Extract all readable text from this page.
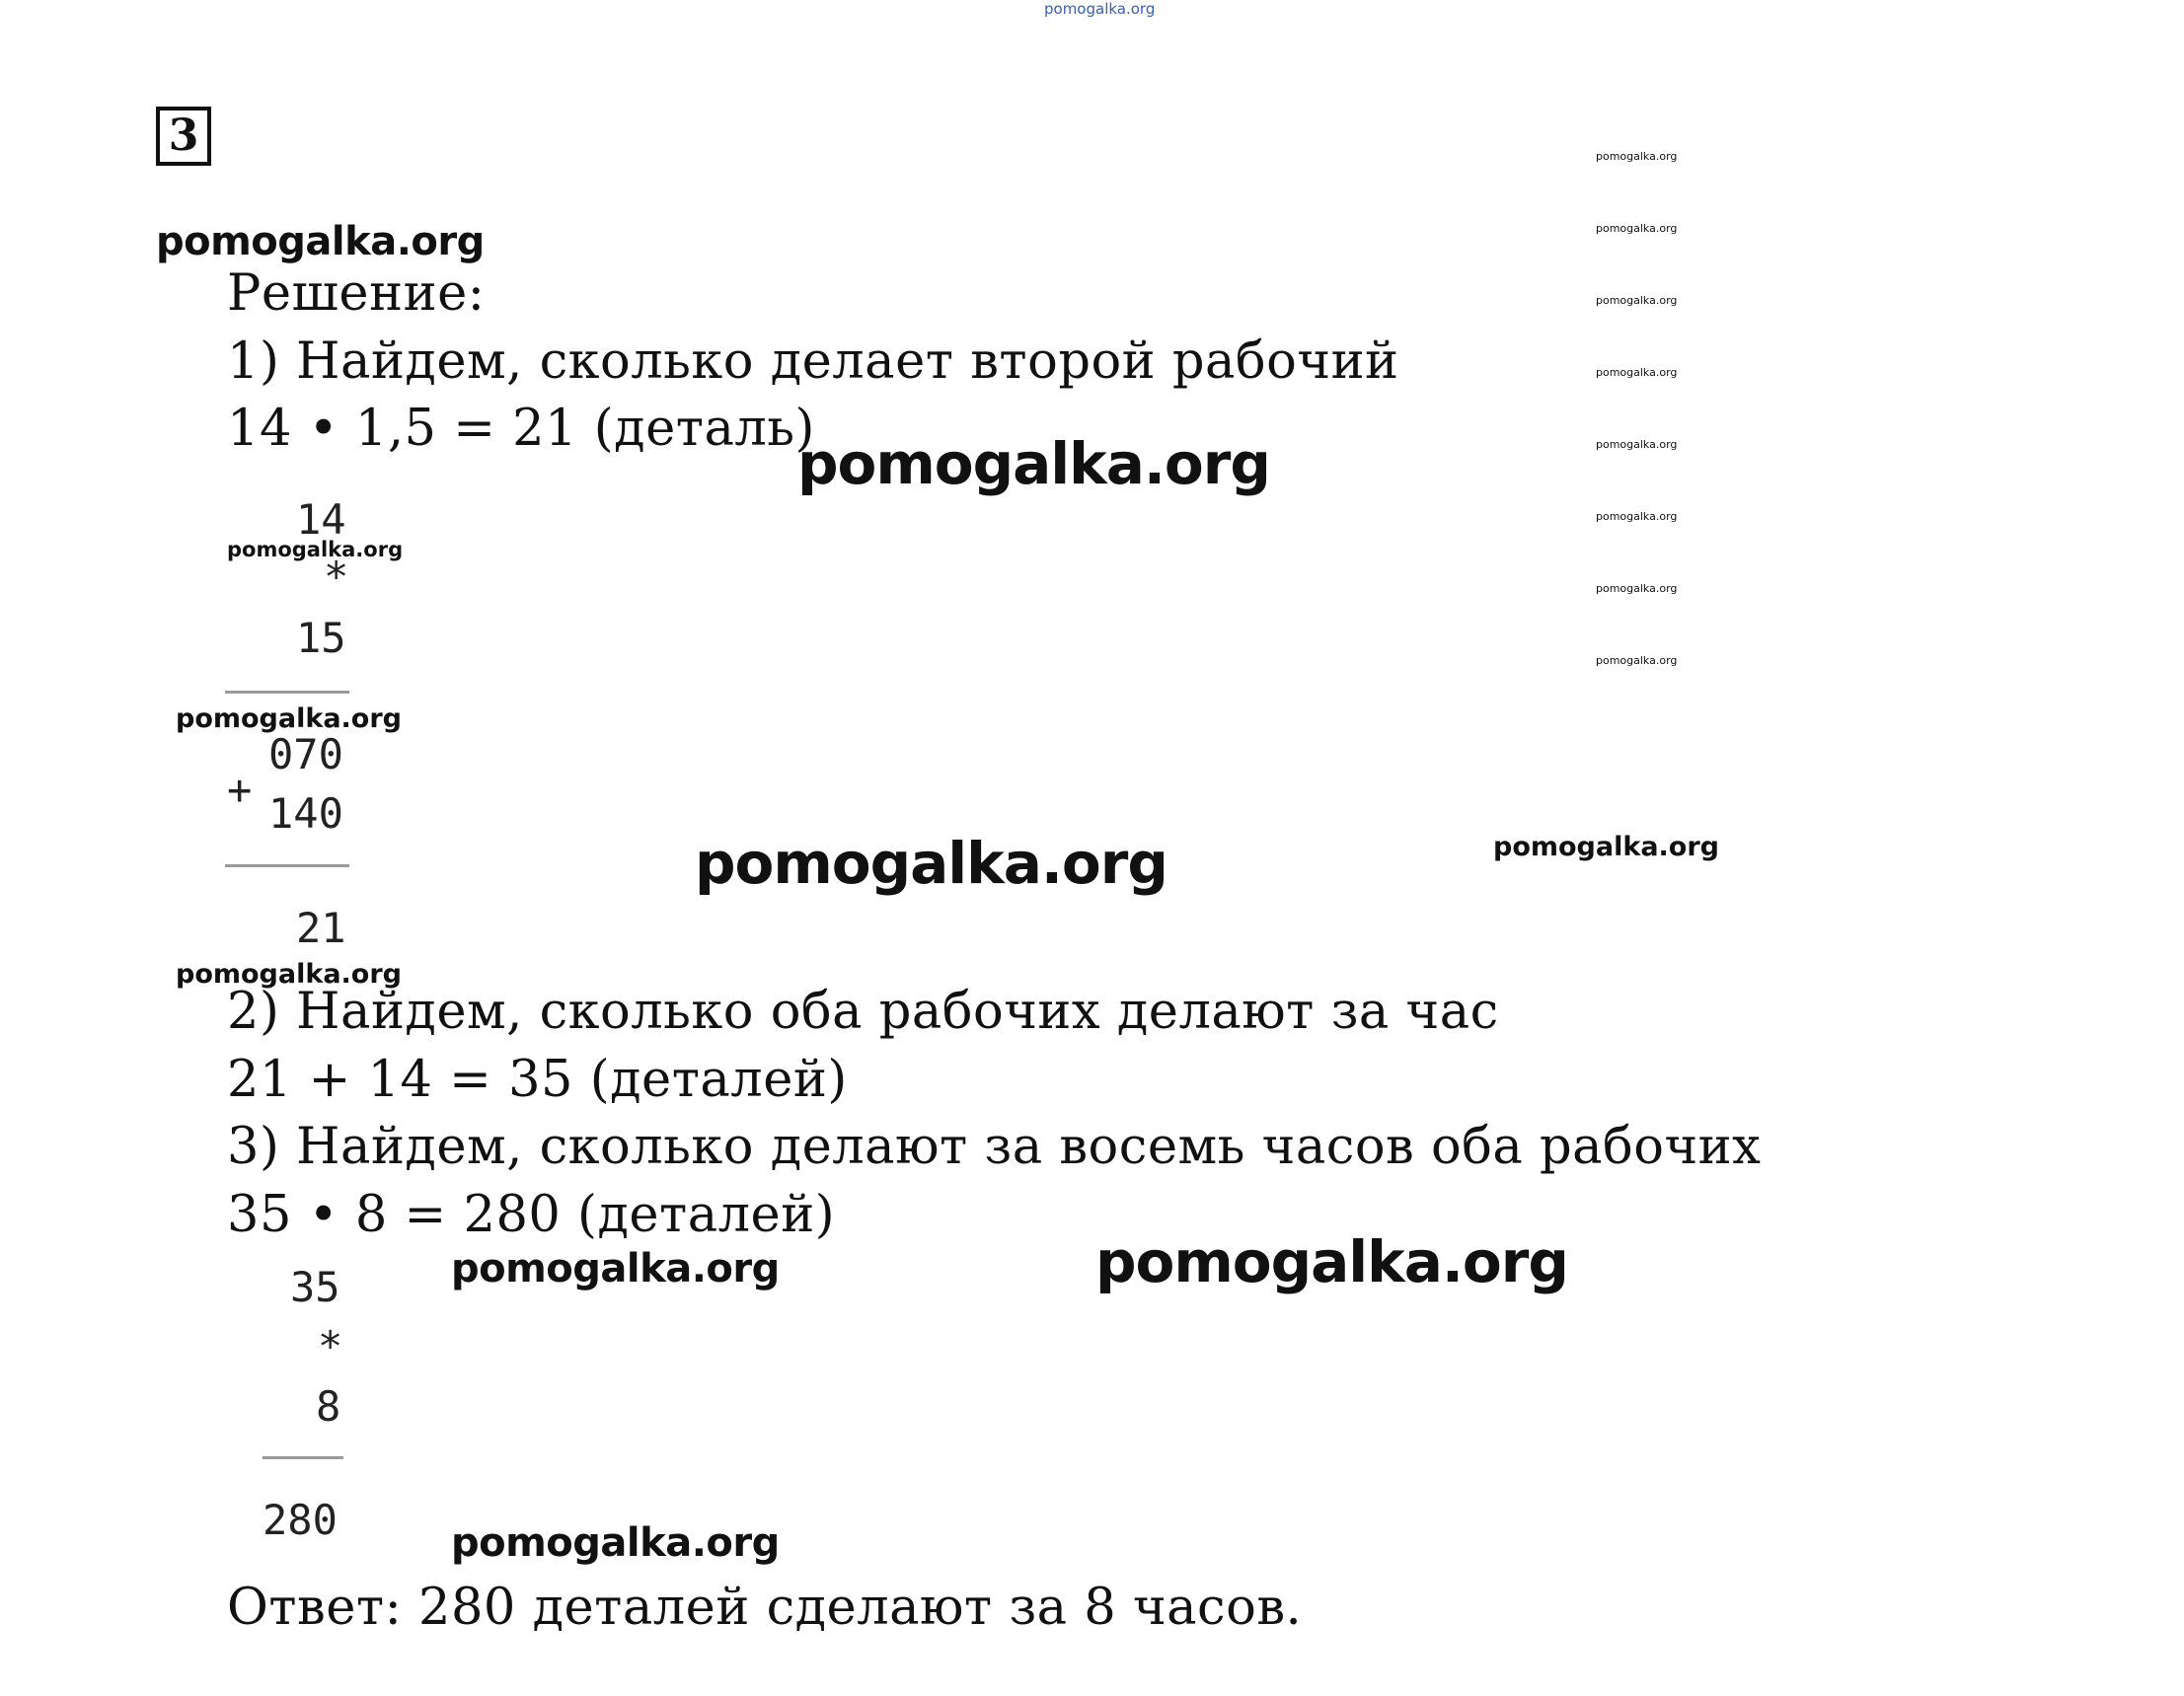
pomogalka.org
3	pomogalka.org
pomogalka.org
pomogalka.org
pomogalka.org
pomogalka.org
pomogalka.org
pomogalka.org
pomogalka.org
pomogalka.org
pomogalka.org
pomogalka.org
pomogalka.org
pomogalka.org	pomogalka.org
pomogalka.org
pomogalka.org	pomogalka.org
pomogalka.org
Решение:
1) Найдем, сколько делает второй рабочий
14 • 1,5 = 21 (деталь)
14
*
15
070
+ 140
21
2) Найдем, сколько оба рабочих делают за час
21 + 14 = 35 (деталей)
3) Найдем, сколько делают за восемь часов оба рабочих
35 • 8 = 280 (деталей)
35
*
8
280
Ответ: 280 деталей сделают за 8 часов.
